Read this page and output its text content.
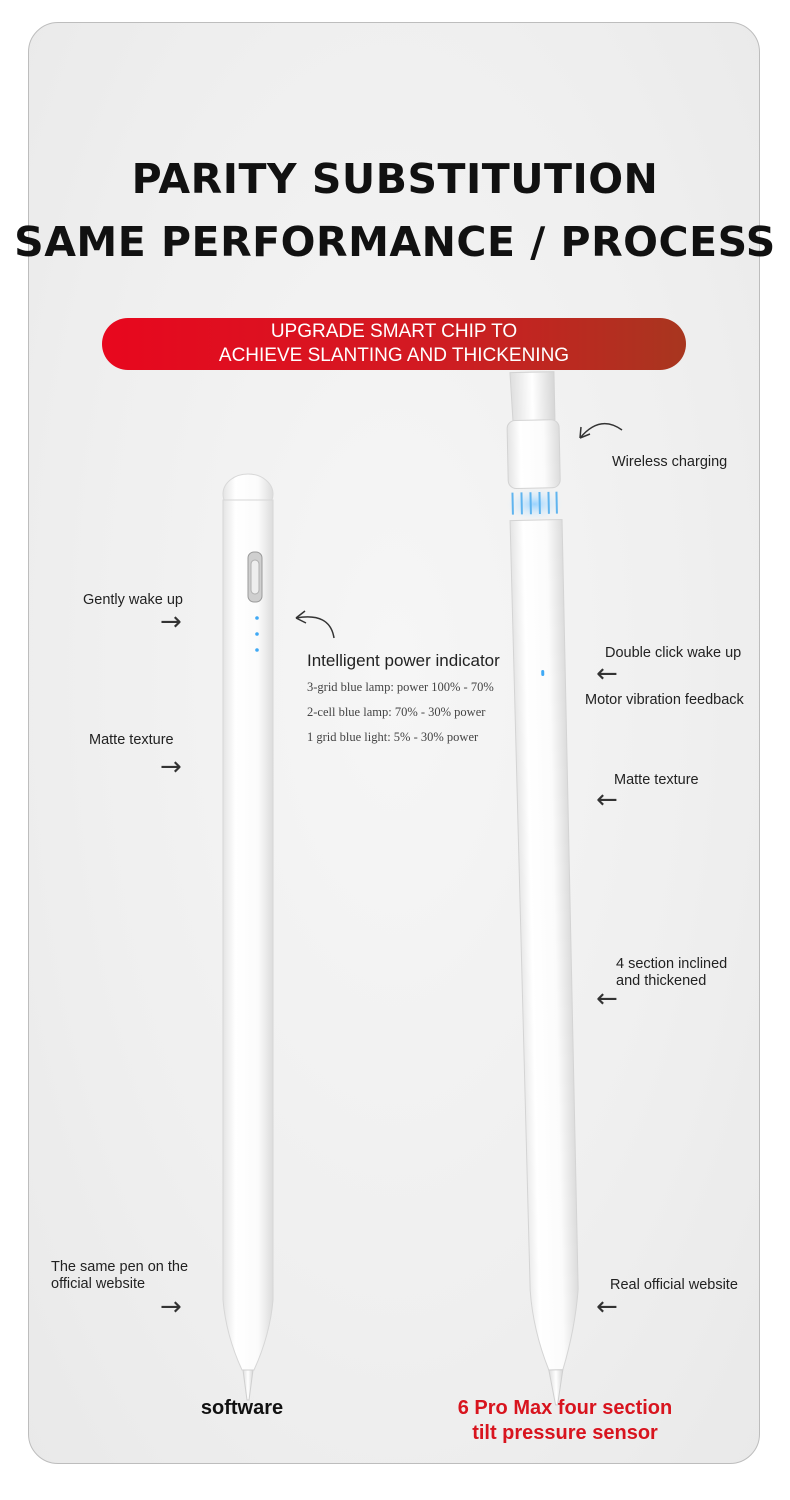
PARITY SUBSTITUTION
SAME PERFORMANCE / PROCESS
UPGRADE SMART CHIP TO
ACHIEVE SLANTING AND THICKENING
Gently wake up
→
Matte texture
→
The same pen on the official website
→
Intelligent power indicator
3-grid blue lamp: power 100% - 70%
2-cell blue lamp: 70% - 30% power
1 grid blue light: 5% - 30% power
Wireless charging
Double click wake up
←
Motor vibration feedback
Matte texture
←
4 section inclined and thickened
←
Real official website
←
software	6 Pro Max four section
tilt pressure sensor
